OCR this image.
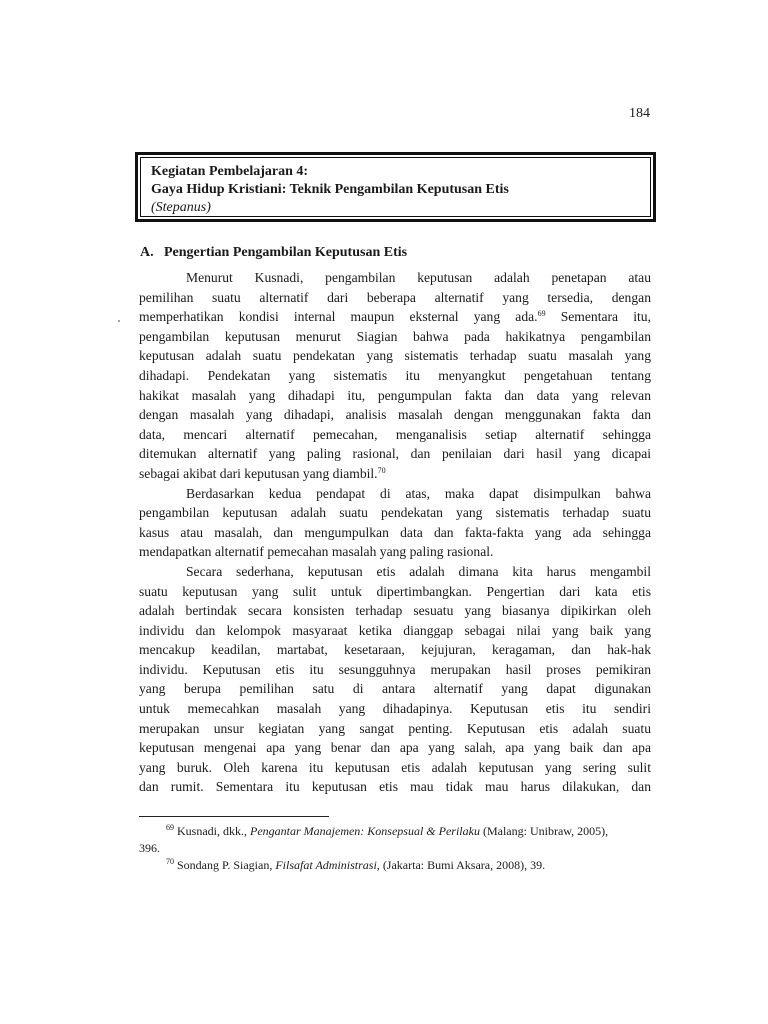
184
Kegiatan Pembelajaran 4:
Gaya Hidup Kristiani: Teknik Pengambilan Keputusan Etis
(Stepanus)
A. Pengertian Pengambilan Keputusan Etis
Menurut Kusnadi, pengambilan keputusan adalah penetapan atau
pemilihan suatu alternatif dari beberapa alternatif yang tersedia, dengan
memperhatikan kondisi internal maupun eksternal yang ada.$^{69}$ Sementara itu,
pengambilan keputusan menurut Siagian bahwa pada hakikatnya pengambilan
keputusan adalah suatu pendekatan yang sistematis terhadap suatu masalah yang
dihadapi. Pendekatan yang sistematis itu menyangkut pengetahuan tentang
hakikat masalah yang dihadapi itu, pengumpulan fakta dan data yang relevan
dengan masalah yang dihadapi, analisis masalah dengan menggunakan fakta dan
data, mencari alternatif pemecahan, menganalisis setiap alternatif sehingga
ditemukan alternatif yang paling rasional, dan penilaian dari hasil yang dicapai
sebagai akibat dari keputusan yang diambil.$^{70}$
Berdasarkan kedua pendapat di atas, maka dapat disimpulkan bahwa
pengambilan keputusan adalah suatu pendekatan yang sistematis terhadap suatu
kasus atau masalah, dan mengumpulkan data dan fakta-fakta yang ada sehingga
mendapatkan alternatif pemecahan masalah yang paling rasional.
Secara sederhana, keputusan etis adalah dimana kita harus mengambil
suatu keputusan yang sulit untuk dipertimbangkan. Pengertian dari kata etis
adalah bertindak secara konsisten terhadap sesuatu yang biasanya dipikirkan oleh
individu dan kelompok masyaraat ketika dianggap sebagai nilai yang baik yang
mencakup keadilan, martabat, kesetaraan, kejujuran, keragaman, dan hak-hak
individu. Keputusan etis itu sesungguhnya merupakan hasil proses pemikiran
yang berupa pemilihan satu di antara alternatif yang dapat digunakan
untuk memecahkan masalah yang dihadapinya. Keputusan etis itu sendiri
merupakan unsur kegiatan yang sangat penting. Keputusan etis adalah suatu
keputusan mengenai apa yang benar dan apa yang salah, apa yang baik dan apa
yang buruk. Oleh karena itu keputusan etis adalah keputusan yang sering sulit
dan rumit. Sementara itu keputusan etis mau tidak mau harus dilakukan, dan
$^{69}$ Kusnadi, dkk., Pengantar Manajemen: Konsepsual & Perilaku (Malang: Unibraw, 2005),
396.
$^{70}$ Sondang P. Siagian, Filsafat Administrasi, (Jakarta: Bumi Aksara, 2008), 39.
